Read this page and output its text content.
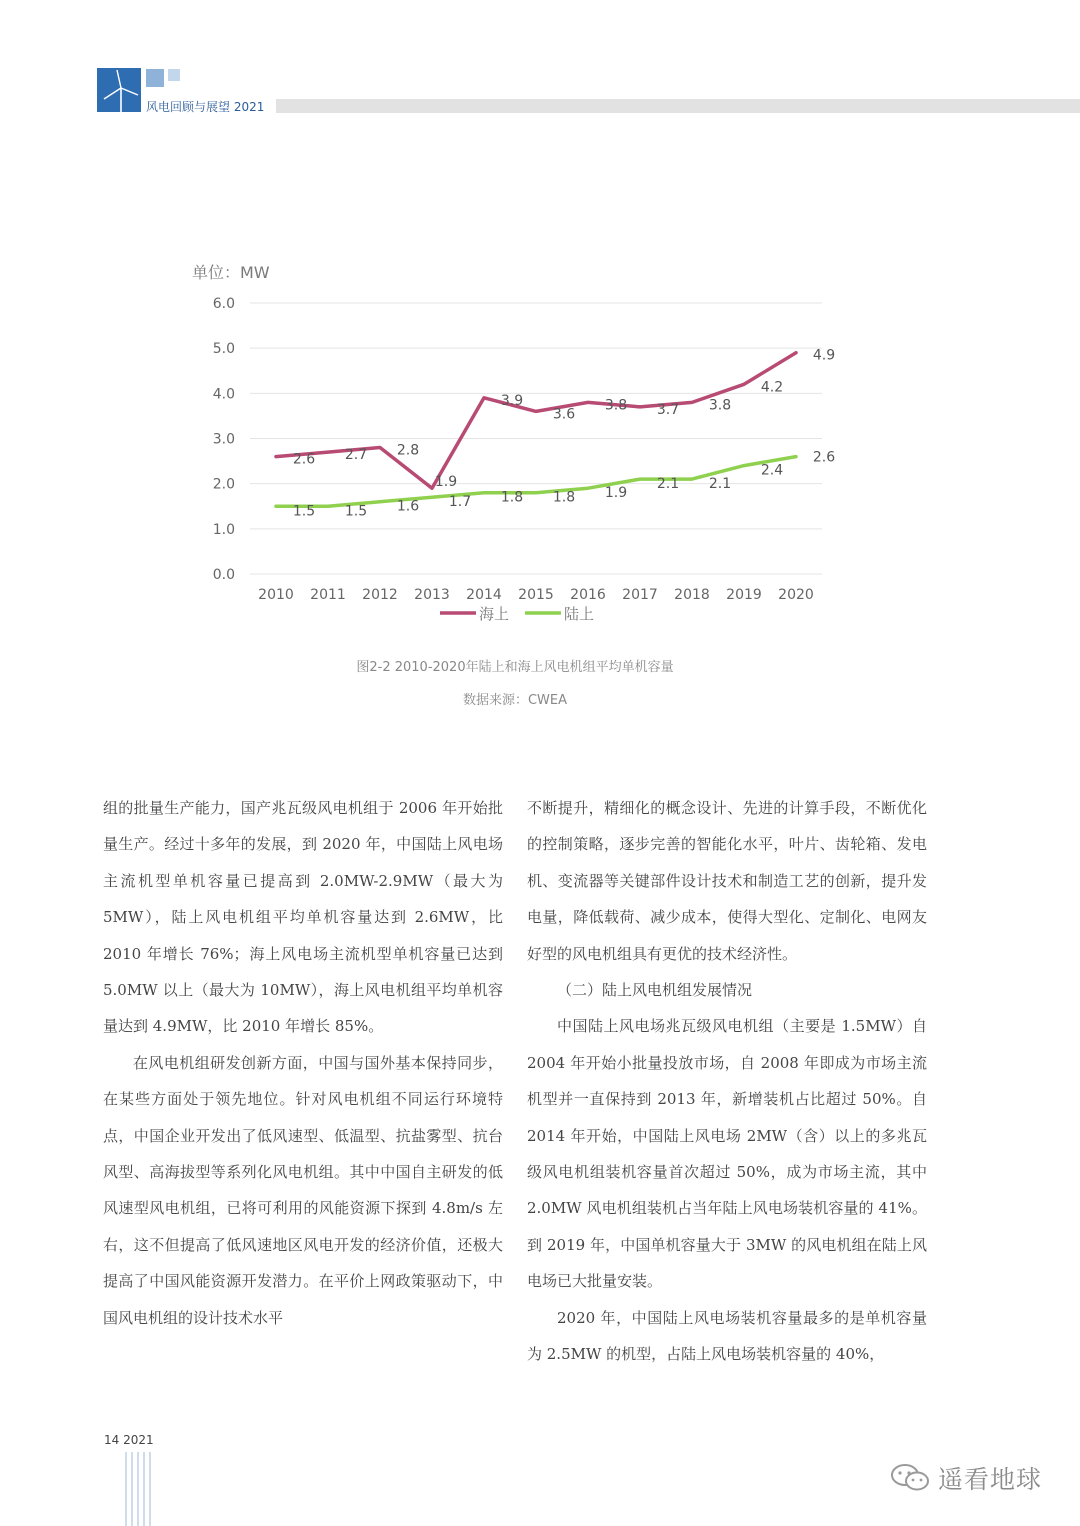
风电回顾与展望 2021
单位：MW
0.0
1.0
2.0
3.0
4.0
5.0
6.0
2010 2011 2012 2013 2014 2015 2016 2017 2018 2019 2020
2.6 2.7 2.8
1.9
3.9
3.6
3.8 3.7 3.8
4.2
4.9
1.5 1.5 1.6 1.7 1.8 1.8 1.9
2.1 2.1
2.4
2.6
海上	陆上
图2-2 2010-2020年陆上和海上风电机组平均单机容量
数据来源：CWEA

组的批量生产能力，国产兆瓦级风电机组于 2006 年开始批量生产。经过十多年的发展，到 2020 年，中国陆上风电场主流机型单机容量已提高到 2.0MW-2.9MW（最大为 5MW），陆上风电机组平均单机容量达到 2.6MW，比 2010 年增长 76%；海上风电场主流机型单机容量已达到 5.0MW 以上（最大为 10MW），海上风电机组平均单机容量达到 4.9MW，比 2010 年增长 85%。

在风电机组研发创新方面，中国与国外基本保持同步，在某些方面处于领先地位。针对风电机组不同运行环境特点，中国企业开发出了低风速型、低温型、抗盐雾型、抗台风型、高海拔型等系列化风电机组。其中中国自主研发的低风速型风电机组，已将可利用的风能资源下探到 4.8m/s 左右，这不但提高了低风速地区风电开发的经济价值，还极大提高了中国风能资源开发潜力。在平价上网政策驱动下，中国风电机组的设计技术水平

不断提升，精细化的概念设计、先进的计算手段，不断优化的控制策略，逐步完善的智能化水平，叶片、齿轮箱、发电机、变流器等关键部件设计技术和制造工艺的创新，提升发电量，降低载荷、减少成本，使得大型化、定制化、电网友好型的风电机组具有更优的技术经济性。

（二）陆上风电机组发展情况

中国陆上风电场兆瓦级风电机组（主要是 1.5MW）自 2004 年开始小批量投放市场，自 2008 年即成为市场主流机型并一直保持到 2013 年，新增装机占比超过 50%。自 2014 年开始，中国陆上风电场 2MW（含）以上的多兆瓦级风电机组装机容量首次超过 50%，成为市场主流，其中 2.0MW 风电机组装机占当年陆上风电场装机容量的 41%。到 2019 年，中国单机容量大于 3MW 的风电机组在陆上风电场已大批量安装。

2020 年，中国陆上风电场装机容量最多的是单机容量为 2.5MW 的机型，占陆上风电场装机容量的 40%，

14 2021
遥看地球
